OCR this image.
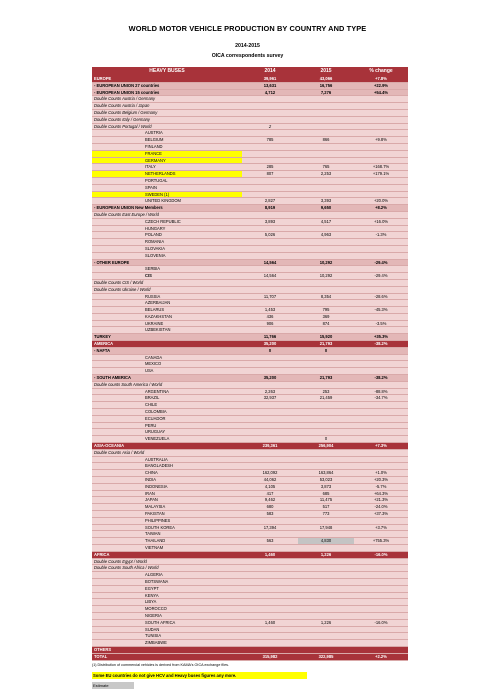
WORLD MOTOR VEHICLE PRODUCTION BY COUNTRY AND TYPE
2014-2015
OICA correspondents survey
HEAVY BUSES	2014	2015	% change
EUROPE	39,961	43,066	+7.8%
- EUROPEAN UNION 27 countries	13,631	16,756	+22.9%
- EUROPEAN UNION 15 countries	4,712	7,276	+54.4%
Double Counts Austria / Germany			
Double Counts Austria / Japan			
Double Counts Belgium / Germany			
Double Counts Italy / Germany			
Double Counts Portugal / World	2		
AUSTRIA			
BELGIUM	785	866	+9.8%
FINLAND			
FRANCE			
GERMANY			
ITALY	285	765	+168.7%
NETHERLANDS	807	2,253	+179.1%
PORTUGAL			
SPAIN			
SWEDEN (1)			
UNITED KINGDOM	2,827	3,393	+20.0%
- EUROPEAN UNION New Members	8,919	9,650	+8.2%
Double Counts East Europe / World			
CZECH REPUBLIC	3,893	4,517	+16.0%
HUNGARY			
POLAND	5,026	4,963	-1.3%
ROMANIA			
SLOVAKIA			
SLOVENIA			
- OTHER EUROPE	14,564	10,292	-29.4%
SERBIA			
CIS	14,564	10,292	-29.4%
Double Counts CIS / World			
Double Counts Ukraine / World			
RUSSIA	11,707	8,354	-28.6%
AZERBAIJAN			
BELARUS	1,453	795	-45.3%
KAZAKHSTAN	436	369	
UKRAINE	906	874	-3.5%
UZBEKISTAN			
TURKEY	11,766	15,920	+35.3%
AMERICA	35,200	21,793	-38.2%
- NAFTA	0	0	
CANADA			
MEXICO			
USA			
- SOUTH AMERICA	35,200	21,793	-38.2%
Double counts South America / World			
ARGENTINA	2,263	253	-88.8%
BRAZIL	32,937	21,459	-34.7%
CHILE			
COLOMBIA			
ECUADOR			
PERU			
URUGUAY			
VENEZUELA		0	
ASIA-OCEANIA	239,361	256,904	+7.3%
Double Counts Asia / World			
AUSTRALIA			
BANGLADESH			
CHINA	162,092	163,864	+1.0%
INDIA	44,062	53,023	+20.3%
INDONESIA	4,105	3,873	-5.7%
IRAN	417	685	+64.3%
JAPAN	9,462	11,475	+21.3%
MALAYSIA	680	517	-24.0%
PAKISTAN	583	773	+37.3%
PHILIPPINES			
SOUTH KOREA	17,394	17,948	+3.7%
TAIWAN			
THAILAND	563	4,830	+755.3%
VIETNAM			
AFRICA	1,460	1,226	-16.0%
Double Counts Egypt / World			
Double Counts South Africa / World			
ALGERIA			
BOTSWANA			
EGYPT			
KENYA			
LIBYA			
MOROCCO			
NIGERIA			
SOUTH AFRICA	1,460	1,226	-16.0%
SUDAN			
TUNISIA			
ZIMBABWE			
OTHERS			
TOTAL	315,982	322,985	+2.2%
(1) Distribution of commercial vehicles is derived from KAMA's OICA exchange files.
Some EU countries do not give HCV and Heavy buses figures any more.
Estimate
